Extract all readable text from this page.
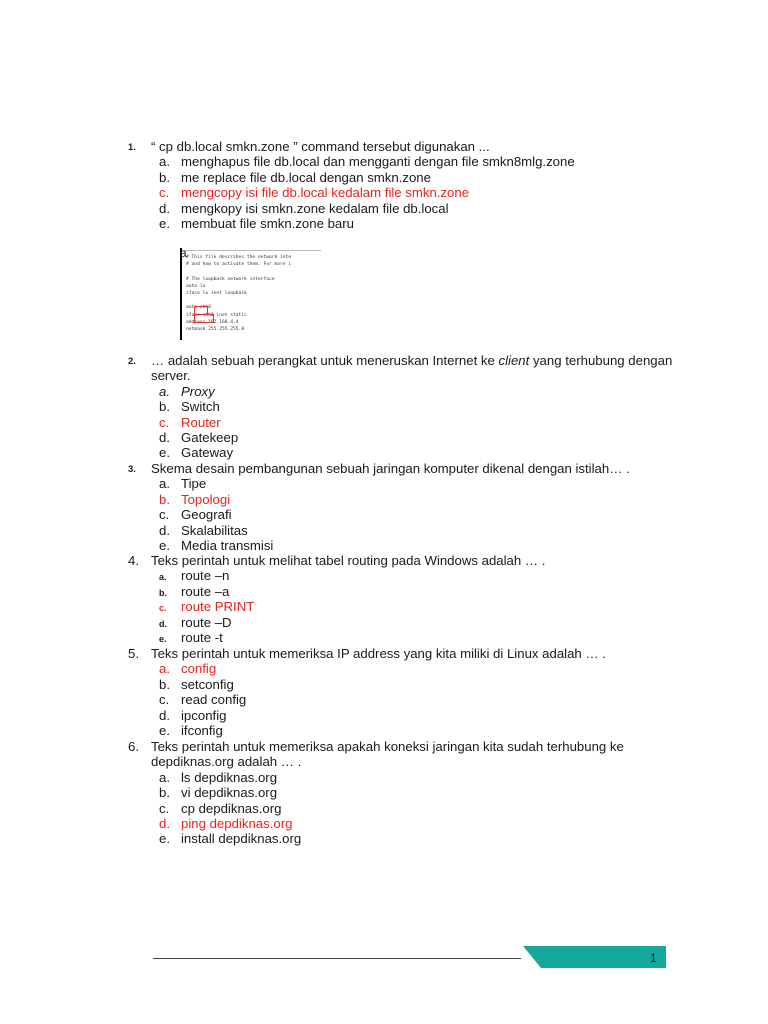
1.	“ cp db.local smkn.zone ” command tersebut digunakan ...
a. menghapus file db.local dan mengganti dengan file smkn8mlg.zone
b. me replace file db.local dengan smkn.zone
c. mengcopy isi file db.local kedalam file smkn.zone
d. mengkopy isi smkn.zone kedalam file db.local
e. membuat file smkn.zone baru
a # This file describes the network inte
# and how to activate them. For more i

# The loopback network interface
auto lo
iface lo inet loopback

auto eth0
iface eth0 inet static
address 192.168.4.4
netmask 255.255.255.0
2.	… adalah sebuah perangkat untuk meneruskan Internet ke client yang terhubung dengan server.
a. Proxy
b. Switch
c. Router
d. Gatekeep
e. Gateway
3.	Skema desain pembangunan sebuah jaringan komputer dikenal dengan istilah… .
a. Tipe
b. Topologi
c. Geografi
d. Skalabilitas
e. Media transmisi
4. Teks perintah untuk melihat tabel routing pada Windows adalah … .
a. route –n
b. route –a
c. route PRINT
d. route –D
e. route -t
5. Teks perintah untuk memeriksa IP address yang kita miliki di Linux adalah … .
a. config
b. setconfig
c. read config
d. ipconfig
e. ifconfig
6. Teks perintah untuk memeriksa apakah koneksi jaringan kita sudah terhubung ke depdiknas.org adalah … .
a. ls depdiknas.org
b. vi depdiknas.org
c. cp depdiknas.org
d. ping depdiknas.org
e. install depdiknas.org
1
